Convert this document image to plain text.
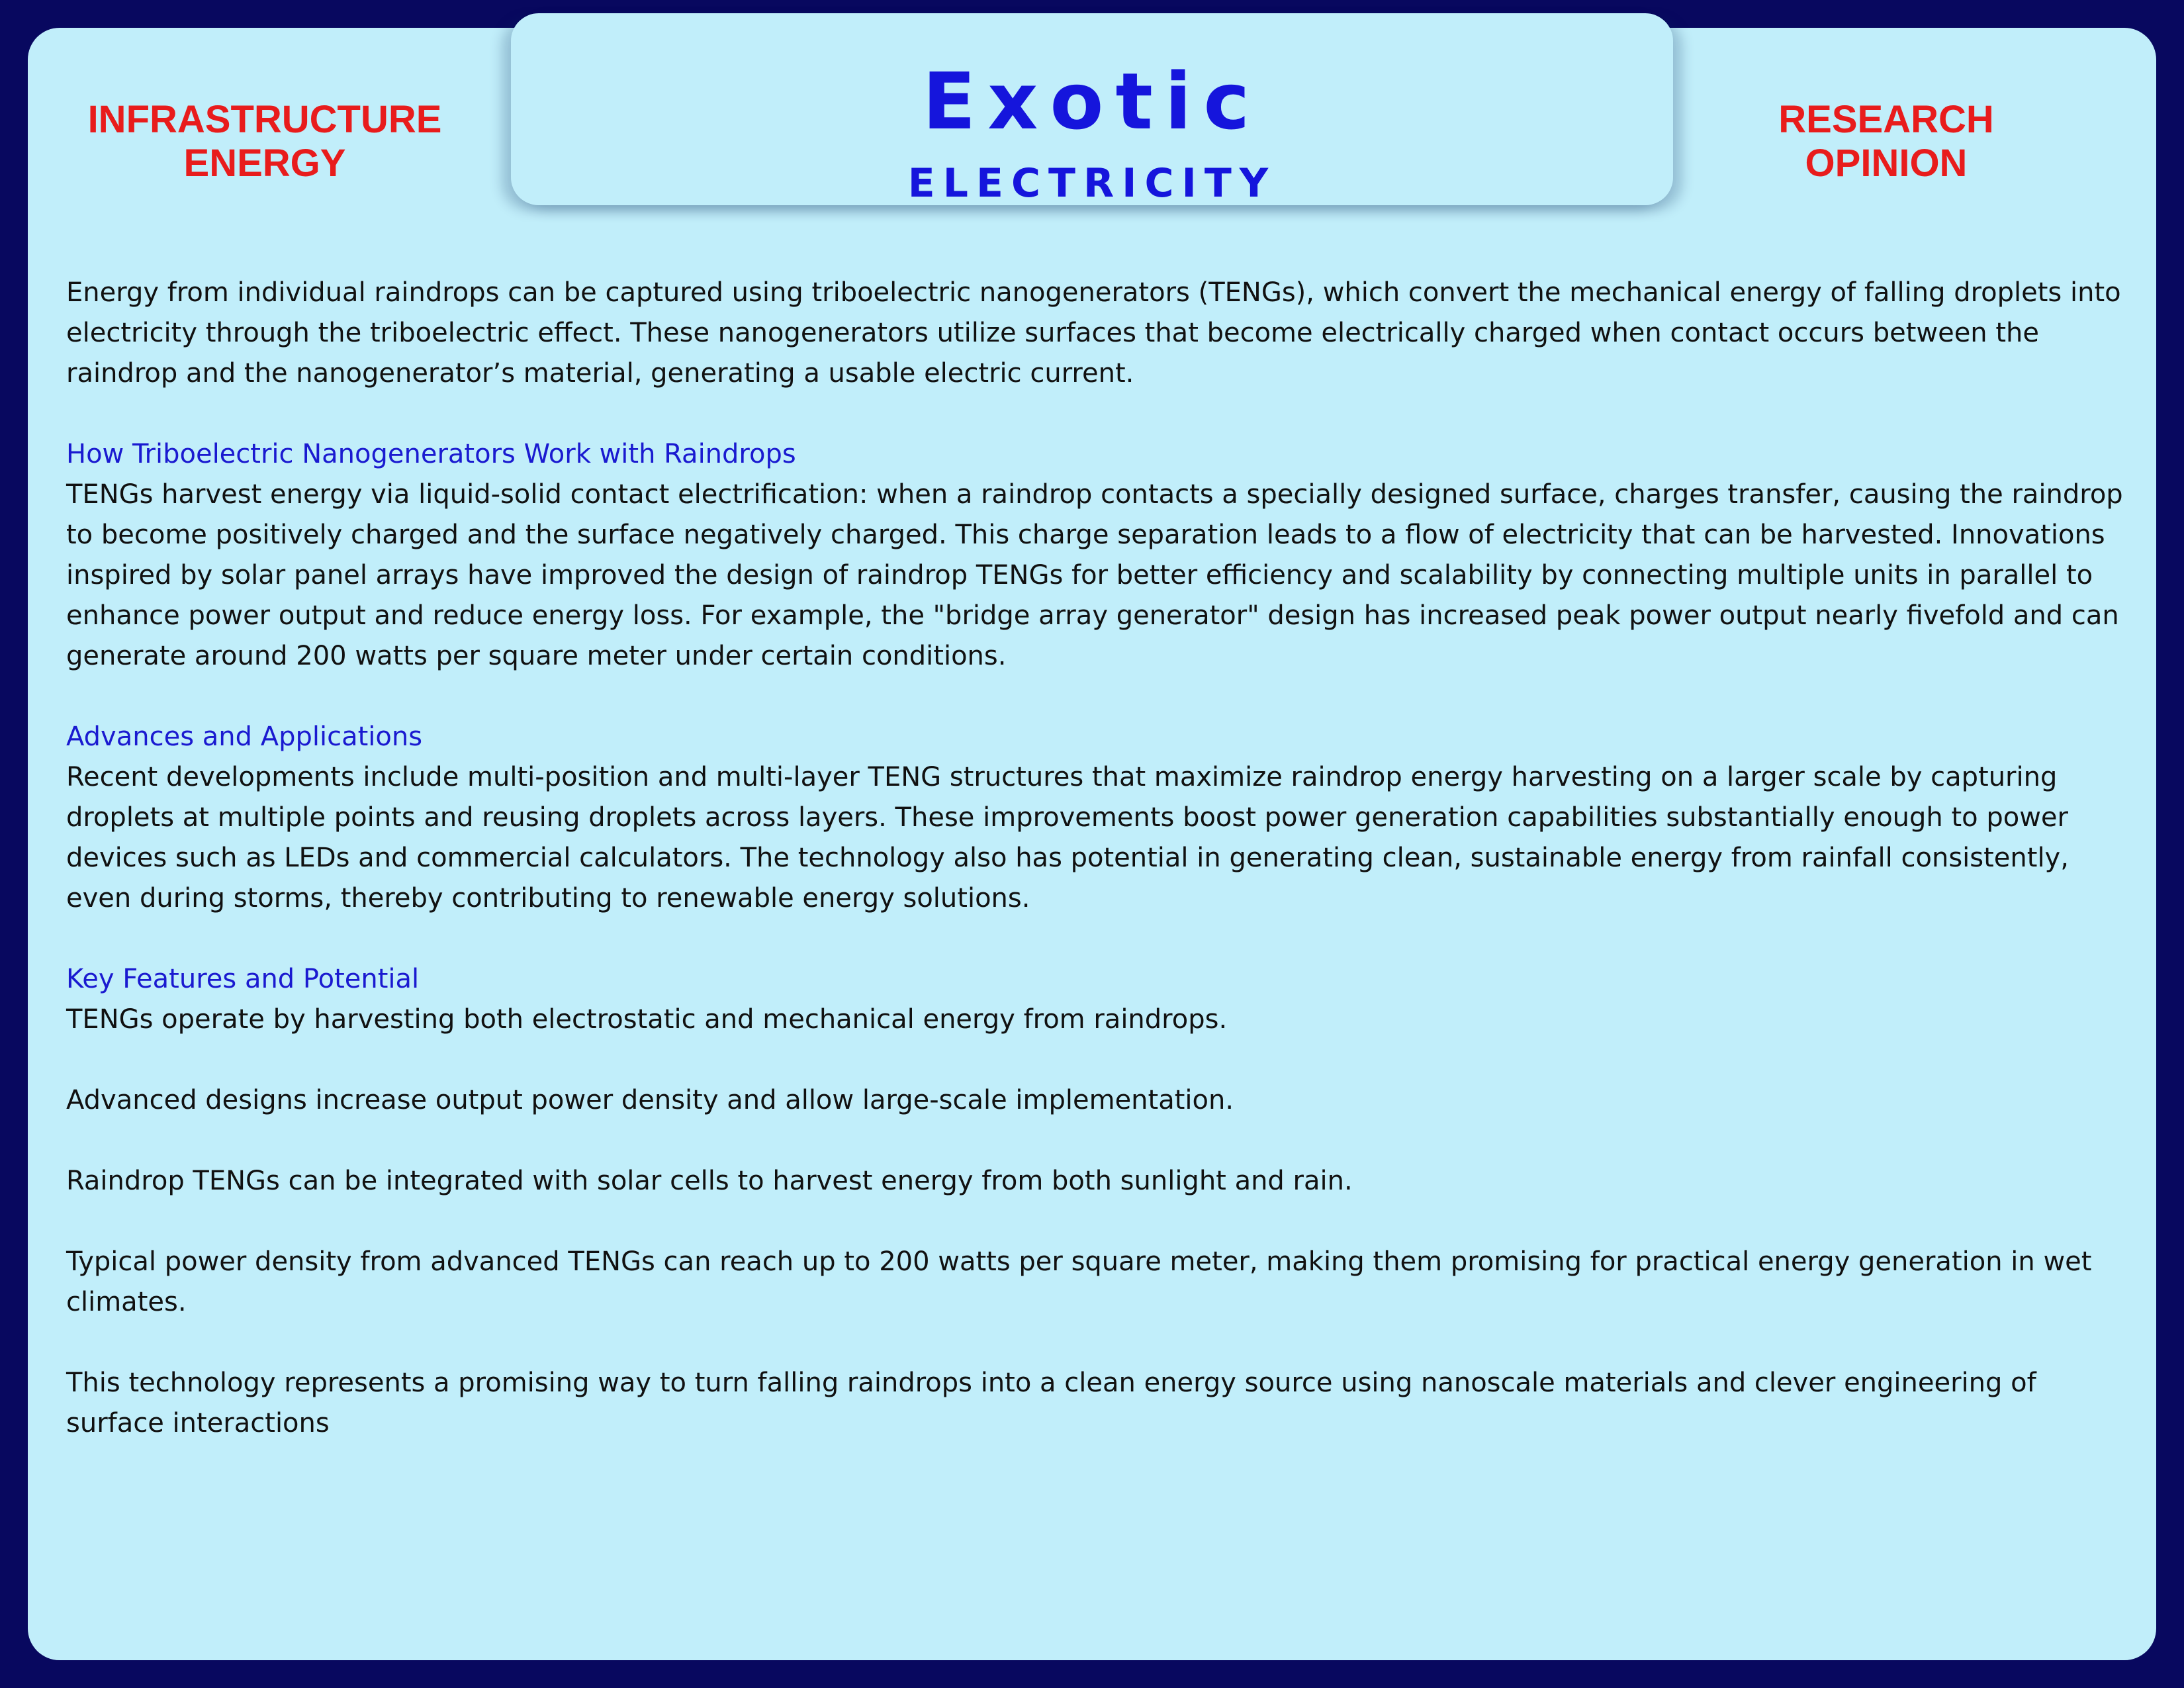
INFRASTRUCTURE
ENERGY
Exotic
ELECTRICITY
RESEARCH
OPINION

Energy from individual raindrops can be captured using triboelectric nanogenerators (TENGs), which convert the mechanical energy of falling droplets into electricity through the triboelectric effect. These nanogenerators utilize surfaces that become electrically charged when contact occurs between the raindrop and the nanogenerator’s material, generating a usable electric current.

How Triboelectric Nanogenerators Work with Raindrops

TENGs harvest energy via liquid-solid contact electrification: when a raindrop contacts a specially designed surface, charges transfer, causing the raindrop to become positively charged and the surface negatively charged. This charge separation leads to a flow of electricity that can be harvested. Innovations inspired by solar panel arrays have improved the design of raindrop TENGs for better efficiency and scalability by connecting multiple units in parallel to enhance power output and reduce energy loss. For example, the "bridge array generator" design has increased peak power output nearly fivefold and can generate around 200 watts per square meter under certain conditions.

Advances and Applications

Recent developments include multi-position and multi-layer TENG structures that maximize raindrop energy harvesting on a larger scale by capturing droplets at multiple points and reusing droplets across layers. These improvements boost power generation capabilities substantially enough to power devices such as LEDs and commercial calculators. The technology also has potential in generating clean, sustainable energy from rainfall consistently, even during storms, thereby contributing to renewable energy solutions.

Key Features and Potential
TENGs operate by harvesting both electrostatic and mechanical energy from raindrops.
Advanced designs increase output power density and allow large-scale implementation.
Raindrop TENGs can be integrated with solar cells to harvest energy from both sunlight and rain.
Typical power density from advanced TENGs can reach up to 200 watts per square meter, making them promising for practical energy generation in wet climates.
This technology represents a promising way to turn falling raindrops into a clean energy source using nanoscale materials and clever engineering of surface interactions
